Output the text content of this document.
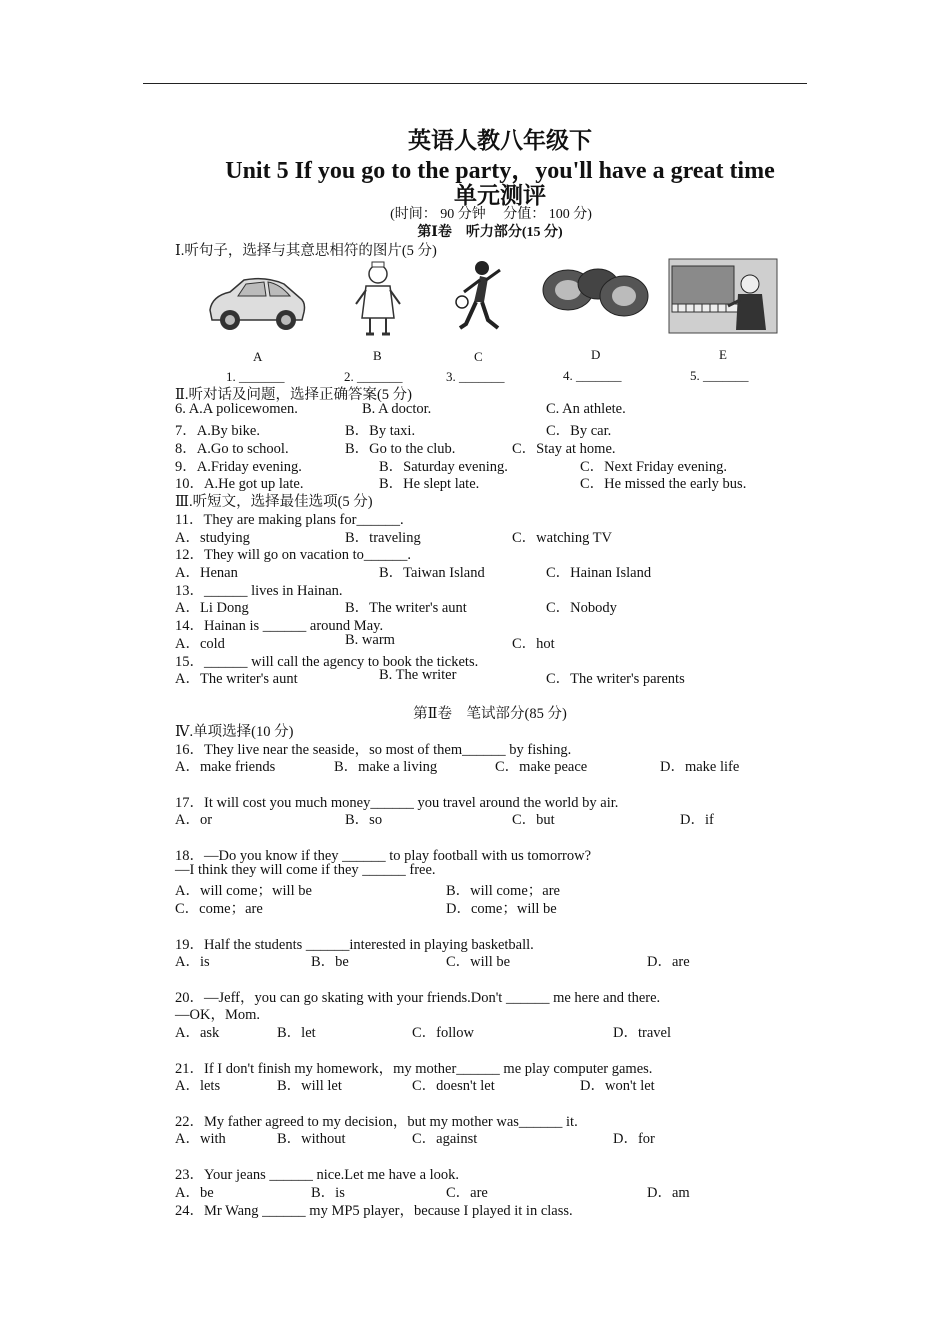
英语人教八年级下
Unit 5 If you go to the party，you'll have a great time
单元测评
(时间： 90 分钟　 分值： 100 分)
第Ⅰ卷　听力部分(15 分)
Ⅰ.听句子，选择与其意思相符的图片(5 分)
A	B	C	D	E
1. _______	2. _______	3. _______	4. _______	5. _______
Ⅱ.听对话及问题，选择正确答案(5 分)
6. A.A policewomen.	B. A doctor.	C. An athlete.
7．A.By bike.	B．By taxi.	C．By car.
8．A.Go to school.	B．Go to the club.	C．Stay at home.
9．A.Friday evening.	B．Saturday evening.	C．Next Friday evening.
10．A.He got up late.	B．He slept late.	C．He missed the early bus.
Ⅲ.听短文，选择最佳选项(5 分)
11．They are making plans for______.
A．studying	B．traveling	C．watching TV
12．They will go on vacation to______.
A．Henan	B．Taiwan Island	C．Hainan Island
13．______ lives in Hainan.
A．Li Dong	B．The writer's aunt	C．Nobody
14．Hainan is ______ around May.
A．cold	B. warm	C．hot
15．______ will call the agency to book the tickets.
A．The writer's aunt	B. The writer	C．The writer's parents
第Ⅱ卷　笔试部分(85 分)
Ⅳ.单项选择(10 分)
16．They live near the seaside，so most of them______ by fishing.
A．make friends	B．make a living	C．make peace	D．make life
17．It will cost you much money______ you travel around the world by air.
A．or	B．so	C．but	D．if
18．—Do you know if they ______ to play football with us tomorrow?
—I think they will come if they ______ free.
A．will come；will be	B．will come；are
C．come；are	D．come；will be
19．Half the students ______interested in playing basketball.
A．is	B．be	C．will be	D．are
20．—Jeff，you can go skating with your friends.Don't ______ me here and there.
—OK，Mom.
A．ask	B．let	C．follow	D．travel
21．If I don't finish my homework，my mother______ me play computer games.
A．lets	B．will let	C．doesn't let	D．won't let
22．My father agreed to my decision，but my mother was______ it.
A．with	B．without	C．against	D．for
23．Your jeans ______ nice.Let me have a look.
A．be	B．is	C．are	D．am
24．Mr Wang ______ my MP5 player，because I played it in class.
